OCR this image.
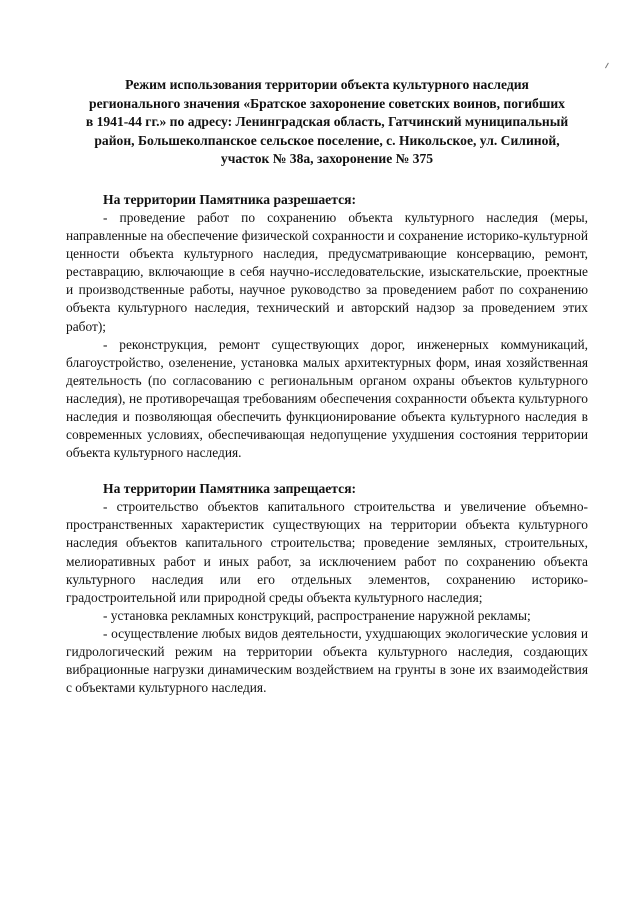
Режим использования территории объекта культурного наследия
регионального значения «Братское захоронение советских воинов, погибших
в 1941-44 гг.» по адресу: Ленинградская область, Гатчинский муниципальный
район, Большеколпанское сельское поселение, с. Никольское, ул. Силиной,
участок № 38а, захоронение № 375
На территории Памятника разрешается:

- проведение работ по сохранению объекта культурного наследия (меры, направленные на обеспечение физической сохранности и сохранение историко-культурной ценности объекта культурного наследия, предусматривающие консервацию, ремонт, реставрацию, включающие в себя научно-исследовательские, изыскательские, проектные и производственные работы, научное руководство за проведением работ по сохранению объекта культурного наследия, технический и авторский надзор за проведением этих работ);

- реконструкция, ремонт существующих дорог, инженерных коммуникаций, благоустройство, озеленение, установка малых архитектурных форм, иная хозяйственная деятельность (по согласованию с региональным органом охраны объектов культурного наследия), не противоречащая требованиям обеспечения сохранности объекта культурного наследия и позволяющая обеспечить функционирование объекта культурного наследия в современных условиях, обеспечивающая недопущение ухудшения состояния территории объекта культурного наследия.

На территории Памятника запрещается:

- строительство объектов капитального строительства и увеличение объемно-пространственных характеристик существующих на территории объекта культурного наследия объектов капитального строительства; проведение земляных, строительных, мелиоративных работ и иных работ, за исключением работ по сохранению объекта культурного наследия или его отдельных элементов, сохранению историко-градостроительной или природной среды объекта культурного наследия;

- установка рекламных конструкций, распространение наружной рекламы;

- осуществление любых видов деятельности, ухудшающих экологические условия и гидрологический режим на территории объекта культурного наследия, создающих вибрационные нагрузки динамическим воздействием на грунты в зоне их взаимодействия с объектами культурного наследия.
